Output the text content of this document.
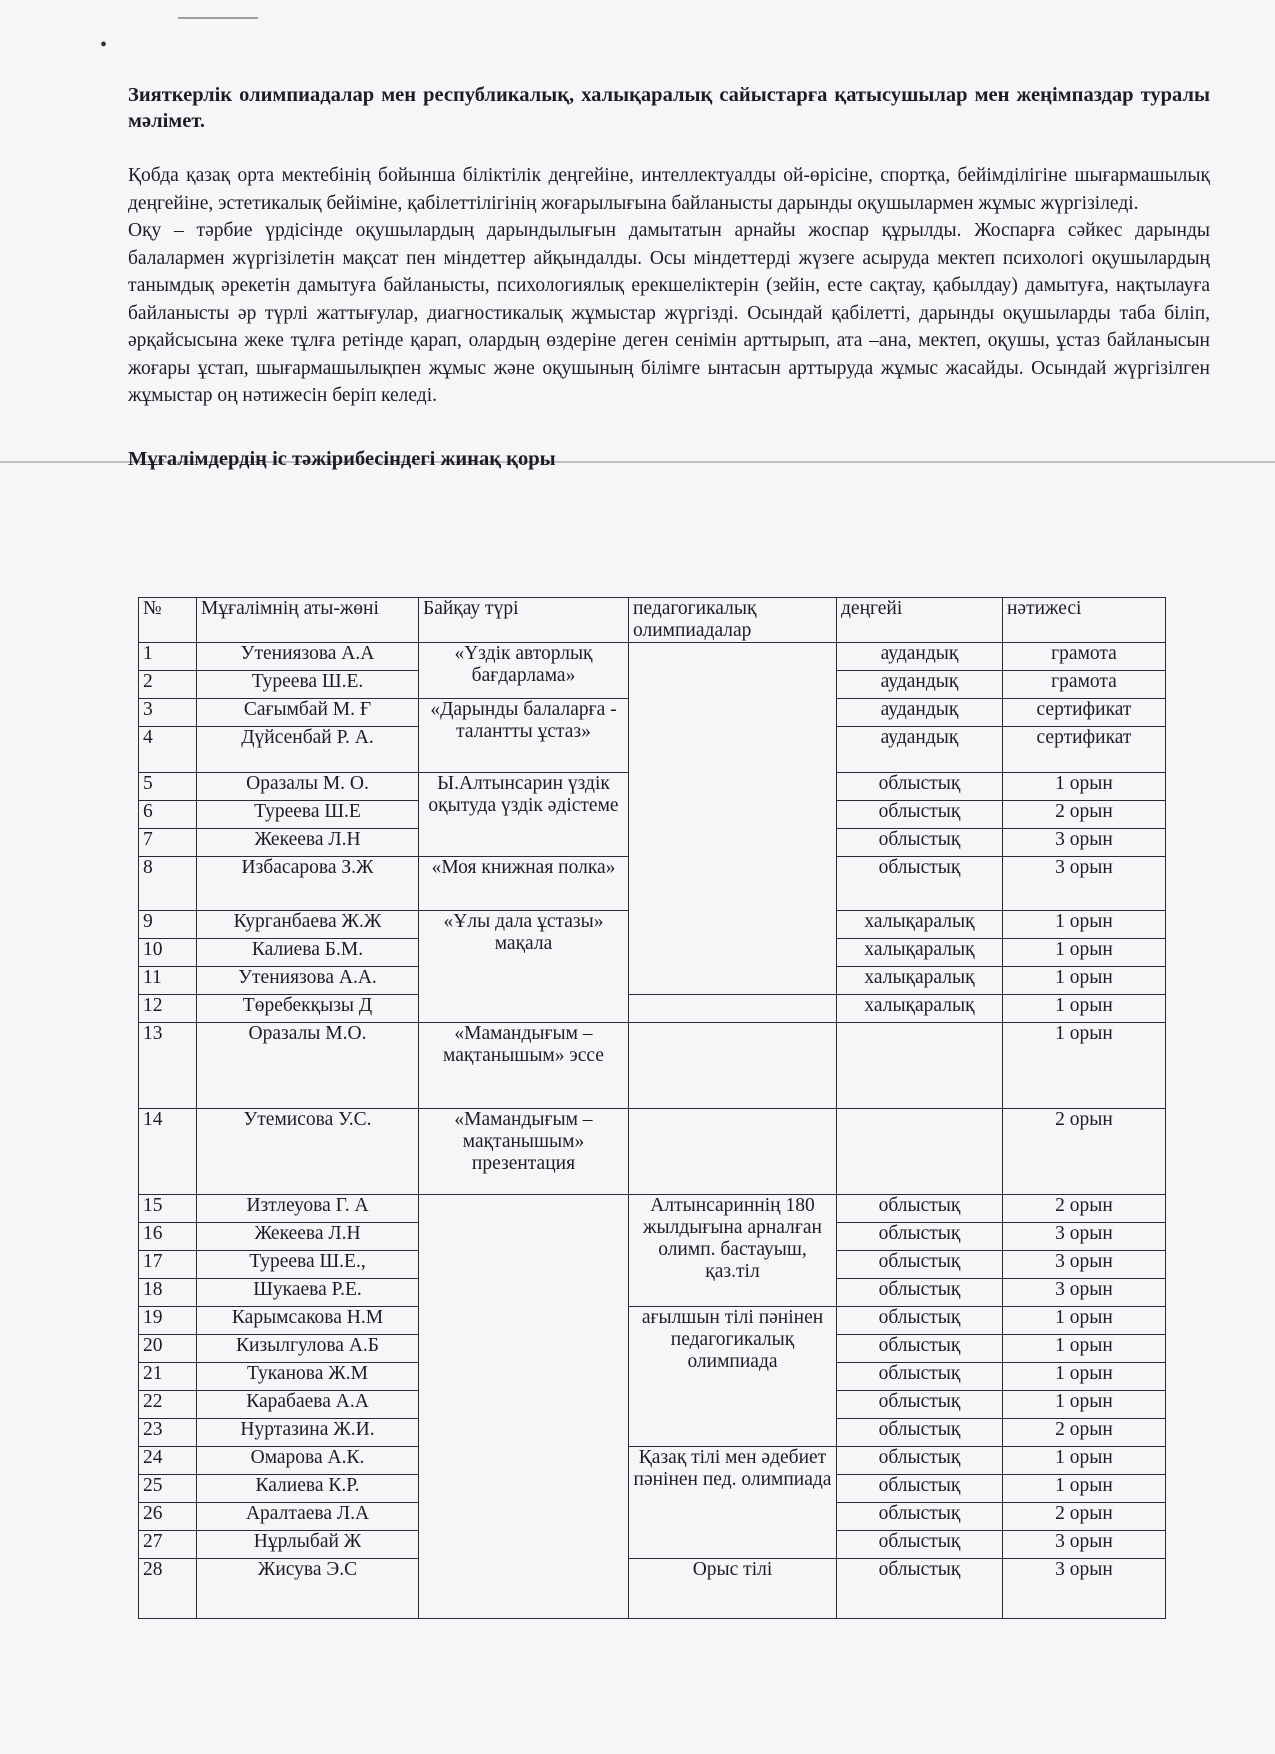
•

Зияткерлік олимпиадалар мен республикалық, халықаралық сайыстарға қатысушылар мен жеңімпаздар туралы мәлімет.

Қобда қазақ орта мектебінің бойынша біліктілік деңгейіне, интеллектуалды ой-өрісіне, спортқа, бейімділігіне шығармашылық деңгейіне, эстетикалық бейіміне, қабілеттілігінің жоғарылығына байланысты дарынды оқушылармен жұмыс жүргізіледі.

Оқу – тәрбие үрдісінде оқушылардың дарындылығын дамытатын арнайы жоспар құрылды. Жоспарға сәйкес дарынды балалармен жүргізілетін мақсат пен міндеттер айқындалды. Осы міндеттерді жүзеге асыруда мектеп психологі оқушылардың танымдық әрекетін дамытуға байланысты, психологиялық ерекшеліктерін (зейін, есте сақтау, қабылдау) дамытуға, нақтылауға байланысты әр түрлі жаттығулар, диагностикалық жұмыстар жүргізді. Осындай қабілетті, дарынды оқушыларды таба біліп, әрқайсысына жеке тұлға ретінде қарап, олардың өздеріне деген сенімін арттырып, ата –ана, мектеп, оқушы, ұстаз байланысын жоғары ұстап, шығармашылықпен жұмыс және оқушының білімге ынтасын арттыруда жұмыс жасайды. Осындай жүргізілген жұмыстар оң нәтижесін беріп келеді.

Мұғалімдердің іс тәжірибесіндегі жинақ қоры

№	Мұғалімнің аты-жөні	Байқау түрі	педагогикалық олимпиадалар	деңгейі	нәтижесі
1	Утениязова А.А	«Үздік авторлық бағдарлама»		аудандық	грамота
2	Туреева Ш.Е.			аудандық	грамота
3	Сағымбай М. Ғ	«Дарынды балаларға - талантты ұстаз»		аудандық	сертификат
4	Дүйсенбай Р. А.			аудандық	сертификат
5	Оразалы М. О.	Ы.Алтынсарин үздік оқытуда үздік әдістеме		облыстық	1 орын
6	Туреева Ш.Е			облыстық	2 орын
7	Жекеева Л.Н			облыстық	3 орын
8	Избасарова З.Ж	«Моя книжная полка»		облыстық	3 орын
9	Курганбаева Ж.Ж	«Ұлы дала ұстазы» мақала		халықаралық	1 орын
10	Калиева Б.М.			халықаралық	1 орын
11	Утениязова А.А.			халықаралық	1 орын
12	Төребекқызы Д			халықаралық	1 орын
13	Оразалы М.О.	«Мамандығым – мақтанышым» эссе			1 орын
14	Утемисова У.С.	«Мамандығым – мақтанышым» презентация			2 орын
15	Изтлеуова Г. А		Алтынсариннің 180 жылдығына арналған олимп. бастауыш, қаз.тіл	облыстық	2 орын
16	Жекеева Л.Н			облыстық	3 орын
17	Туреева Ш.Е.,			облыстық	3 орын
18	Шукаева Р.Е.			облыстық	3 орын
19	Карымсакова Н.М		ағылшын тілі пәнінен педагогикалық олимпиада	облыстық	1 орын
20	Кизылгулова А.Б			облыстық	1 орын
21	Туканова Ж.М			облыстық	1 орын
22	Карабаева А.А			облыстық	1 орын
23	Нуртазина Ж.И.			облыстық	2 орын
24	Омарова А.К.		Қазақ тілі мен әдебиет пәнінен пед. олимпиада	облыстық	1 орын
25	Калиева К.Р.			облыстық	1 орын
26	Аралтаева Л.А			облыстық	2 орын
27	Нұрлыбай Ж			облыстық	3 орын
28	Жисува Э.С		Орыс тілі	облыстық	3 орын
